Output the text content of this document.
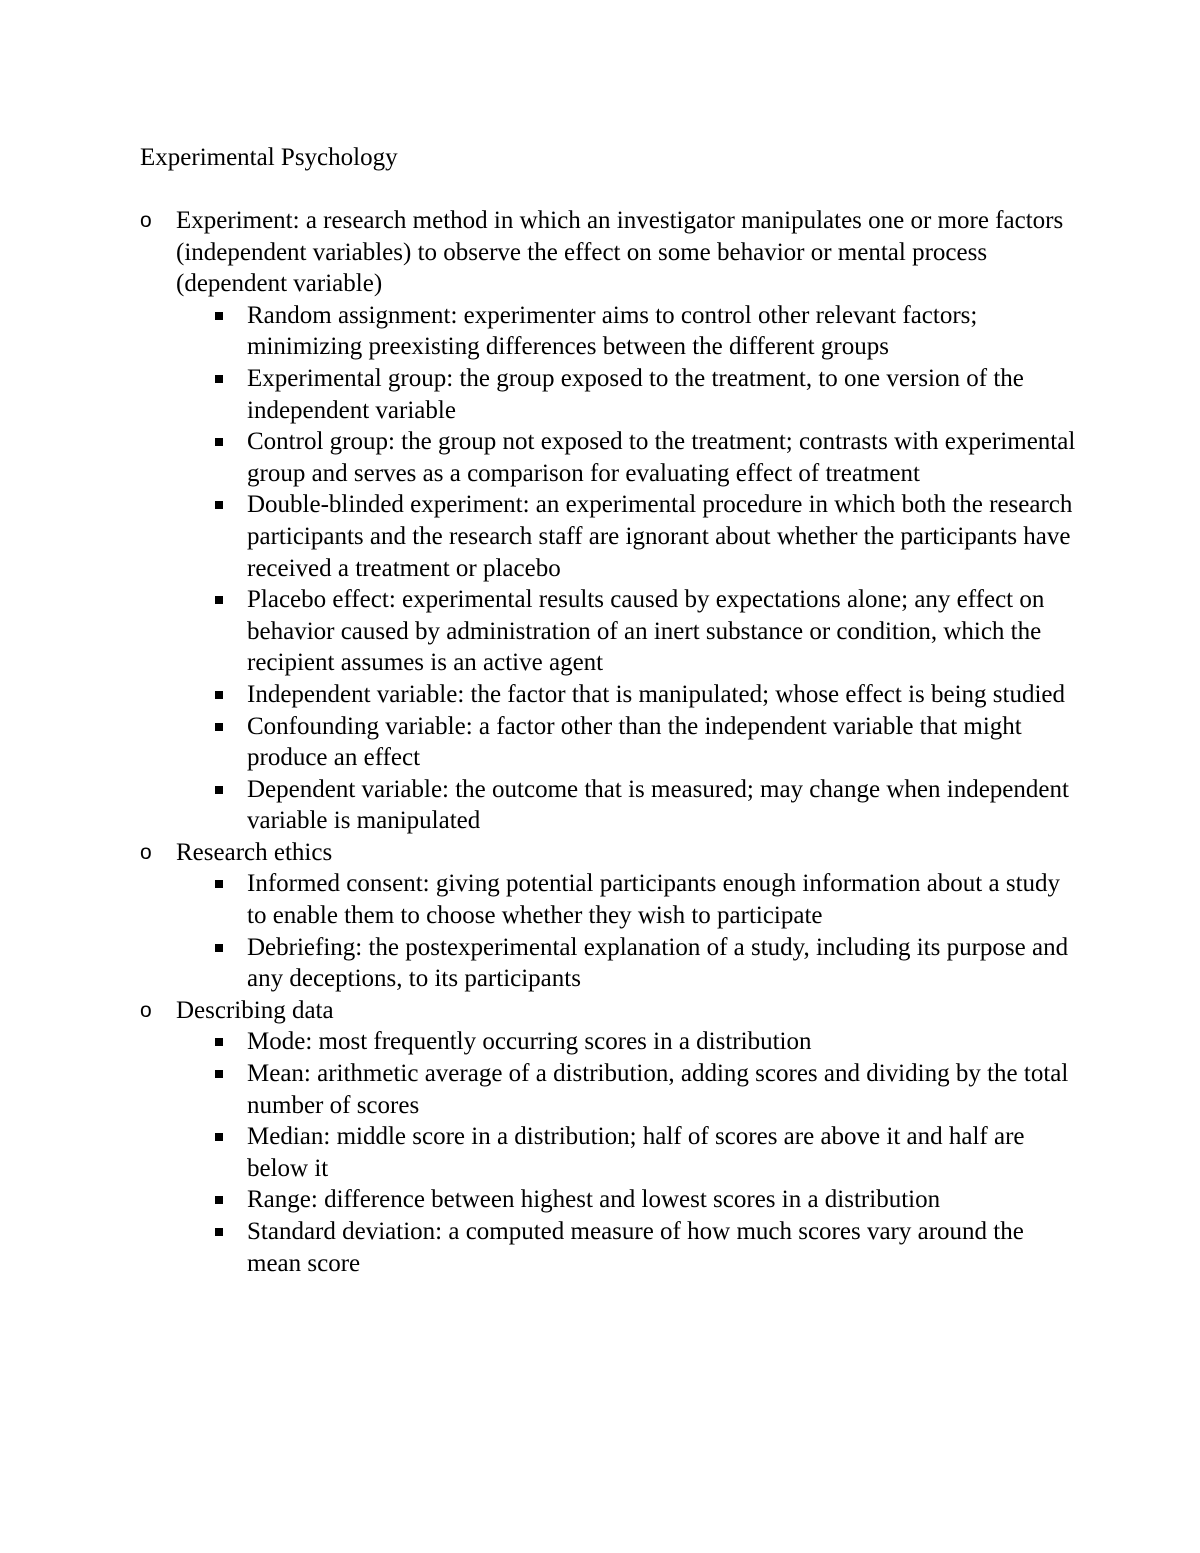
Experimental Psychology
o Experiment: a research method in which an investigator manipulates one or more factors (independent variables) to observe the effect on some behavior or mental process (dependent variable)
Random assignment: experimenter aims to control other relevant factors; minimizing preexisting differences between the different groups
Experimental group: the group exposed to the treatment, to one version of the independent variable
Control group: the group not exposed to the treatment; contrasts with experimental group and serves as a comparison for evaluating effect of treatment
Double-blinded experiment: an experimental procedure in which both the research participants and the research staff are ignorant about whether the participants have received a treatment or placebo
Placebo effect: experimental results caused by expectations alone; any effect on behavior caused by administration of an inert substance or condition, which the recipient assumes is an active agent
Independent variable: the factor that is manipulated; whose effect is being studied
Confounding variable: a factor other than the independent variable that might produce an effect
Dependent variable: the outcome that is measured; may change when independent variable is manipulated
o Research ethics
Informed consent: giving potential participants enough information about a study to enable them to choose whether they wish to participate
Debriefing: the postexperimental explanation of a study, including its purpose and any deceptions, to its participants
o Describing data
Mode: most frequently occurring scores in a distribution
Mean: arithmetic average of a distribution, adding scores and dividing by the total number of scores
Median: middle score in a distribution; half of scores are above it and half are below it
Range: difference between highest and lowest scores in a distribution
Standard deviation: a computed measure of how much scores vary around the mean score
